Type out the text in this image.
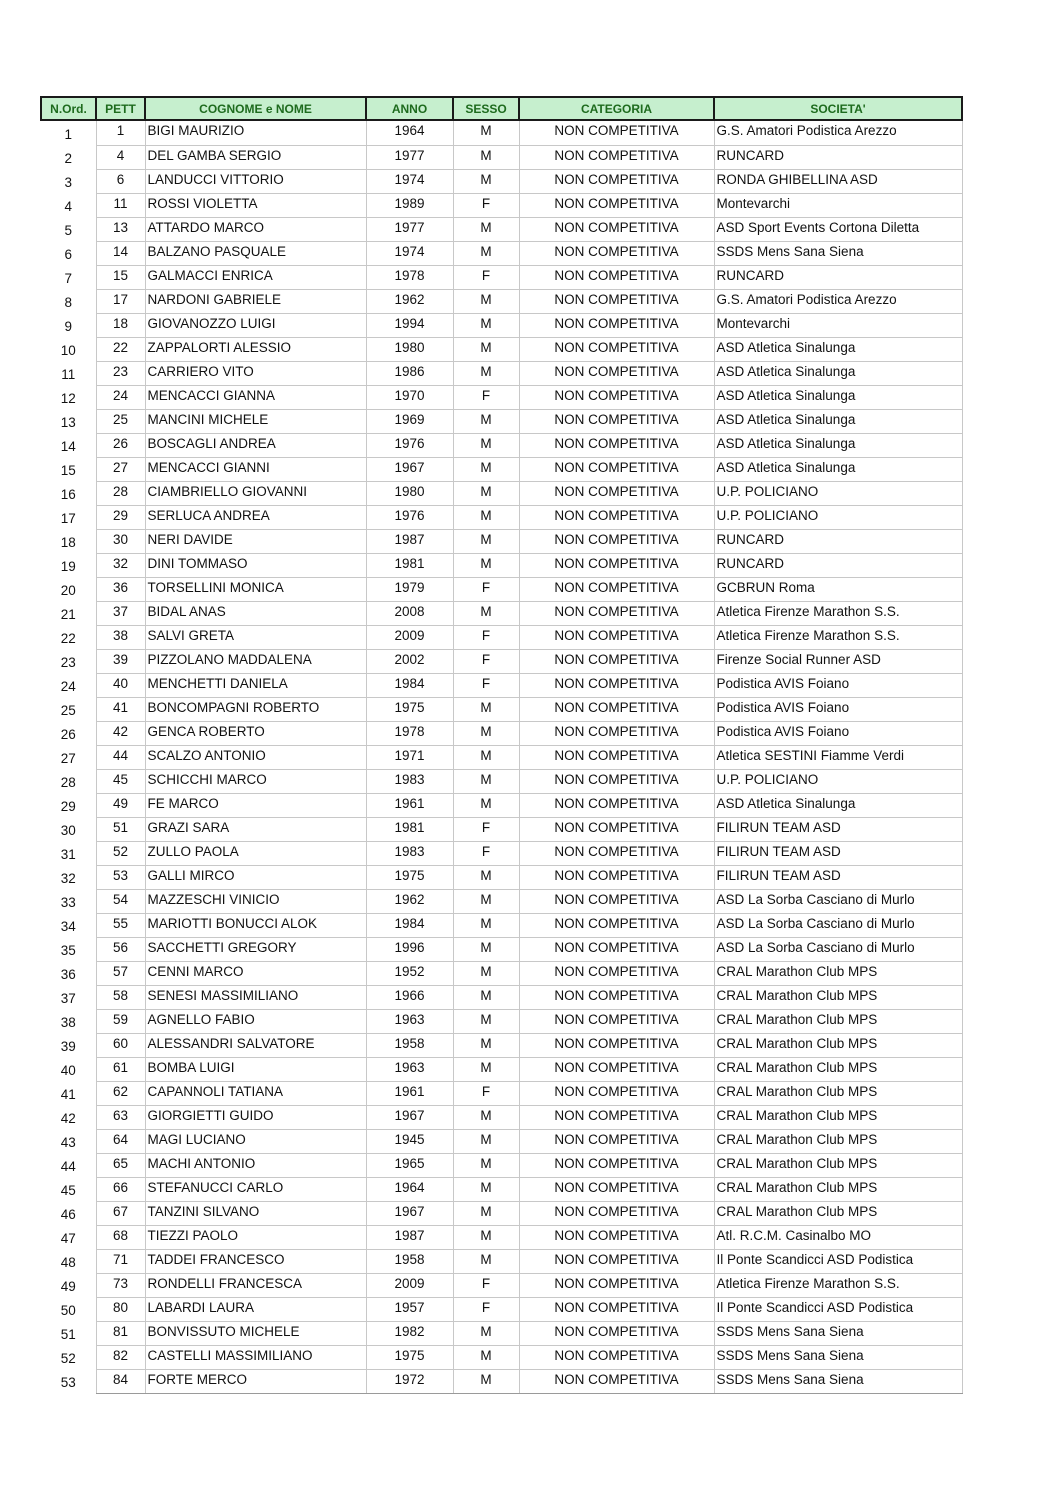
N.Ord.	PETT	COGNOME e NOME	ANNO	SESSO	CATEGORIA	SOCIETA'
1	1	BIGI MAURIZIO	1964	M	NON COMPETITIVA	G.S. Amatori Podistica Arezzo
2	4	DEL GAMBA SERGIO	1977	M	NON COMPETITIVA	RUNCARD
3	6	LANDUCCI VITTORIO	1974	M	NON COMPETITIVA	RONDA GHIBELLINA ASD
4	11	ROSSI VIOLETTA	1989	F	NON COMPETITIVA	Montevarchi
5	13	ATTARDO MARCO	1977	M	NON COMPETITIVA	ASD Sport Events Cortona Diletta
6	14	BALZANO PASQUALE	1974	M	NON COMPETITIVA	SSDS Mens Sana Siena
7	15	GALMACCI ENRICA	1978	F	NON COMPETITIVA	RUNCARD
8	17	NARDONI GABRIELE	1962	M	NON COMPETITIVA	G.S. Amatori Podistica Arezzo
9	18	GIOVANOZZO LUIGI	1994	M	NON COMPETITIVA	Montevarchi
10	22	ZAPPALORTI ALESSIO	1980	M	NON COMPETITIVA	ASD Atletica Sinalunga
11	23	CARRIERO VITO	1986	M	NON COMPETITIVA	ASD Atletica Sinalunga
12	24	MENCACCI GIANNA	1970	F	NON COMPETITIVA	ASD Atletica Sinalunga
13	25	MANCINI MICHELE	1969	M	NON COMPETITIVA	ASD Atletica Sinalunga
14	26	BOSCAGLI ANDREA	1976	M	NON COMPETITIVA	ASD Atletica Sinalunga
15	27	MENCACCI GIANNI	1967	M	NON COMPETITIVA	ASD Atletica Sinalunga
16	28	CIAMBRIELLO GIOVANNI	1980	M	NON COMPETITIVA	U.P. POLICIANO
17	29	SERLUCA ANDREA	1976	M	NON COMPETITIVA	U.P. POLICIANO
18	30	NERI DAVIDE	1987	M	NON COMPETITIVA	RUNCARD
19	32	DINI TOMMASO	1981	M	NON COMPETITIVA	RUNCARD
20	36	TORSELLINI MONICA	1979	F	NON COMPETITIVA	GCBRUN Roma
21	37	BIDAL ANAS	2008	M	NON COMPETITIVA	Atletica Firenze Marathon S.S.
22	38	SALVI GRETA	2009	F	NON COMPETITIVA	Atletica Firenze Marathon S.S.
23	39	PIZZOLANO MADDALENA	2002	F	NON COMPETITIVA	Firenze Social Runner ASD
24	40	MENCHETTI DANIELA	1984	F	NON COMPETITIVA	Podistica AVIS Foiano
25	41	BONCOMPAGNI ROBERTO	1975	M	NON COMPETITIVA	Podistica AVIS Foiano
26	42	GENCA ROBERTO	1978	M	NON COMPETITIVA	Podistica AVIS Foiano
27	44	SCALZO ANTONIO	1971	M	NON COMPETITIVA	Atletica SESTINI Fiamme Verdi
28	45	SCHICCHI MARCO	1983	M	NON COMPETITIVA	U.P. POLICIANO
29	49	FE MARCO	1961	M	NON COMPETITIVA	ASD Atletica Sinalunga
30	51	GRAZI SARA	1981	F	NON COMPETITIVA	FILIRUN TEAM ASD
31	52	ZULLO PAOLA	1983	F	NON COMPETITIVA	FILIRUN TEAM ASD
32	53	GALLI MIRCO	1975	M	NON COMPETITIVA	FILIRUN TEAM ASD
33	54	MAZZESCHI VINICIO	1962	M	NON COMPETITIVA	ASD La Sorba Casciano di Murlo
34	55	MARIOTTI BONUCCI ALOK	1984	M	NON COMPETITIVA	ASD La Sorba Casciano di Murlo
35	56	SACCHETTI GREGORY	1996	M	NON COMPETITIVA	ASD La Sorba Casciano di Murlo
36	57	CENNI MARCO	1952	M	NON COMPETITIVA	CRAL Marathon Club MPS
37	58	SENESI MASSIMILIANO	1966	M	NON COMPETITIVA	CRAL Marathon Club MPS
38	59	AGNELLO FABIO	1963	M	NON COMPETITIVA	CRAL Marathon Club MPS
39	60	ALESSANDRI SALVATORE	1958	M	NON COMPETITIVA	CRAL Marathon Club MPS
40	61	BOMBA LUIGI	1963	M	NON COMPETITIVA	CRAL Marathon Club MPS
41	62	CAPANNOLI TATIANA	1961	F	NON COMPETITIVA	CRAL Marathon Club MPS
42	63	GIORGIETTI GUIDO	1967	M	NON COMPETITIVA	CRAL Marathon Club MPS
43	64	MAGI LUCIANO	1945	M	NON COMPETITIVA	CRAL Marathon Club MPS
44	65	MACHI ANTONIO	1965	M	NON COMPETITIVA	CRAL Marathon Club MPS
45	66	STEFANUCCI CARLO	1964	M	NON COMPETITIVA	CRAL Marathon Club MPS
46	67	TANZINI SILVANO	1967	M	NON COMPETITIVA	CRAL Marathon Club MPS
47	68	TIEZZI PAOLO	1987	M	NON COMPETITIVA	Atl. R.C.M. Casinalbo MO
48	71	TADDEI FRANCESCO	1958	M	NON COMPETITIVA	Il Ponte Scandicci ASD Podistica
49	73	RONDELLI FRANCESCA	2009	F	NON COMPETITIVA	Atletica Firenze Marathon S.S.
50	80	LABARDI LAURA	1957	F	NON COMPETITIVA	Il Ponte Scandicci ASD Podistica
51	81	BONVISSUTO MICHELE	1982	M	NON COMPETITIVA	SSDS Mens Sana Siena
52	82	CASTELLI MASSIMILIANO	1975	M	NON COMPETITIVA	SSDS Mens Sana Siena
53	84	FORTE MERCO	1972	M	NON COMPETITIVA	SSDS Mens Sana Siena
